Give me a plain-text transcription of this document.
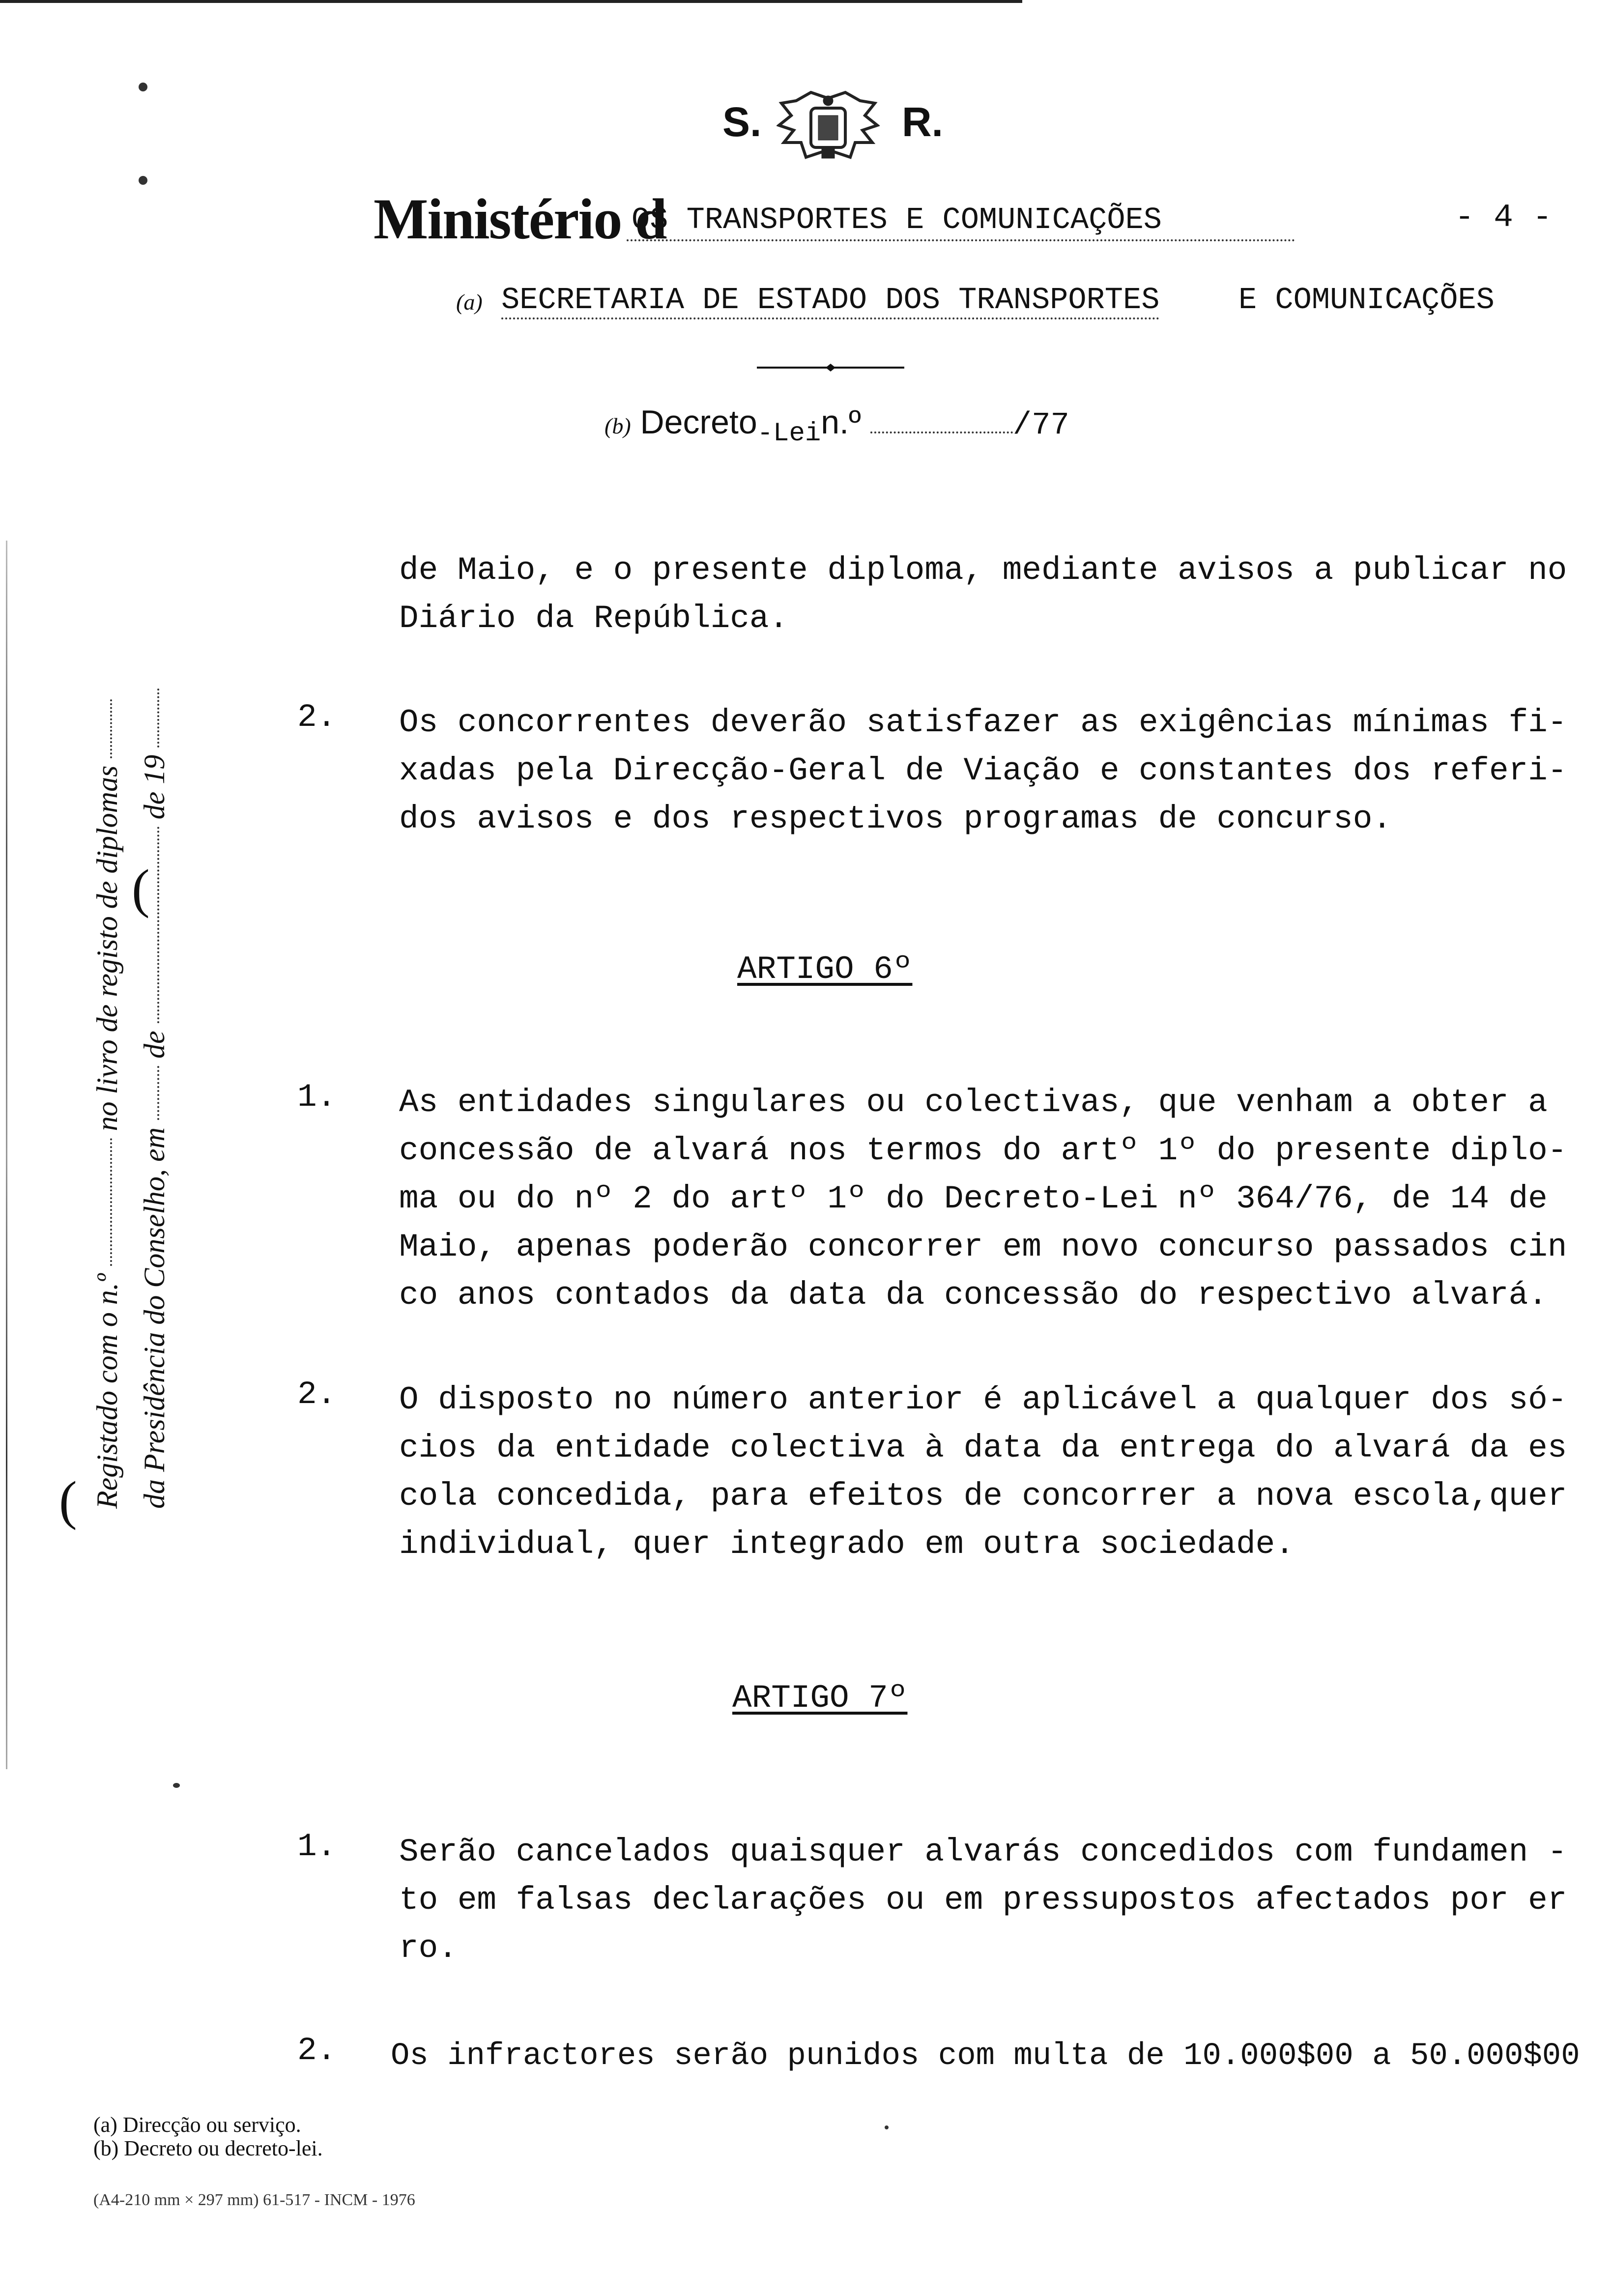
S.	R.
Ministério d
OS TRANSPORTES E COMUNICAÇÕES	- 4 -
(a) SECRETARIA DE ESTADO DOS TRANSPORTES	E COMUNICAÇÕES
(b) Decreto$_{-Lei}$n.º	/77
de Maio, e o presente diploma, mediante avisos a publicar no
Diário da República.
2. Os concorrentes deverão satisfazer as exigências mínimas fi-
xadas pela Direcção-Geral de Viação e constantes dos referi-
dos avisos e dos respectivos programas de concurso.
ARTIGO 6º
1. As entidades singulares ou colectivas, que venham a obter a
concessão de alvará nos termos do artº 1º do presente diplo-
ma ou do nº 2 do artº 1º do Decreto-Lei nº 364/76, de 14 de
Maio, apenas poderão concorrer em novo concurso passados cin
co anos contados da data da concessão do respectivo alvará.
2. O disposto no número anterior é aplicável a qualquer dos só-
cios da entidade colectiva à data da entrega do alvará da es
cola concedida, para efeitos de concorrer a nova escola,quer
individual, quer integrado em outra sociedade.
ARTIGO 7º
1. Serão cancelados quaisquer alvarás concedidos com fundamen -
to em falsas declarações ou em pressupostos afectados por er
ro.
2. Os infractores serão punidos com multa de 10.000$00 a 50.000$00
Registado com o n.º  no livro de registo de diplomas
da Presidência do Conselho, em  de  de 19
(
(
(a) Direcção ou serviço.
(b) Decreto ou decreto-lei.
(A4-210 mm × 297 mm) 61-517 - INCM - 1976
